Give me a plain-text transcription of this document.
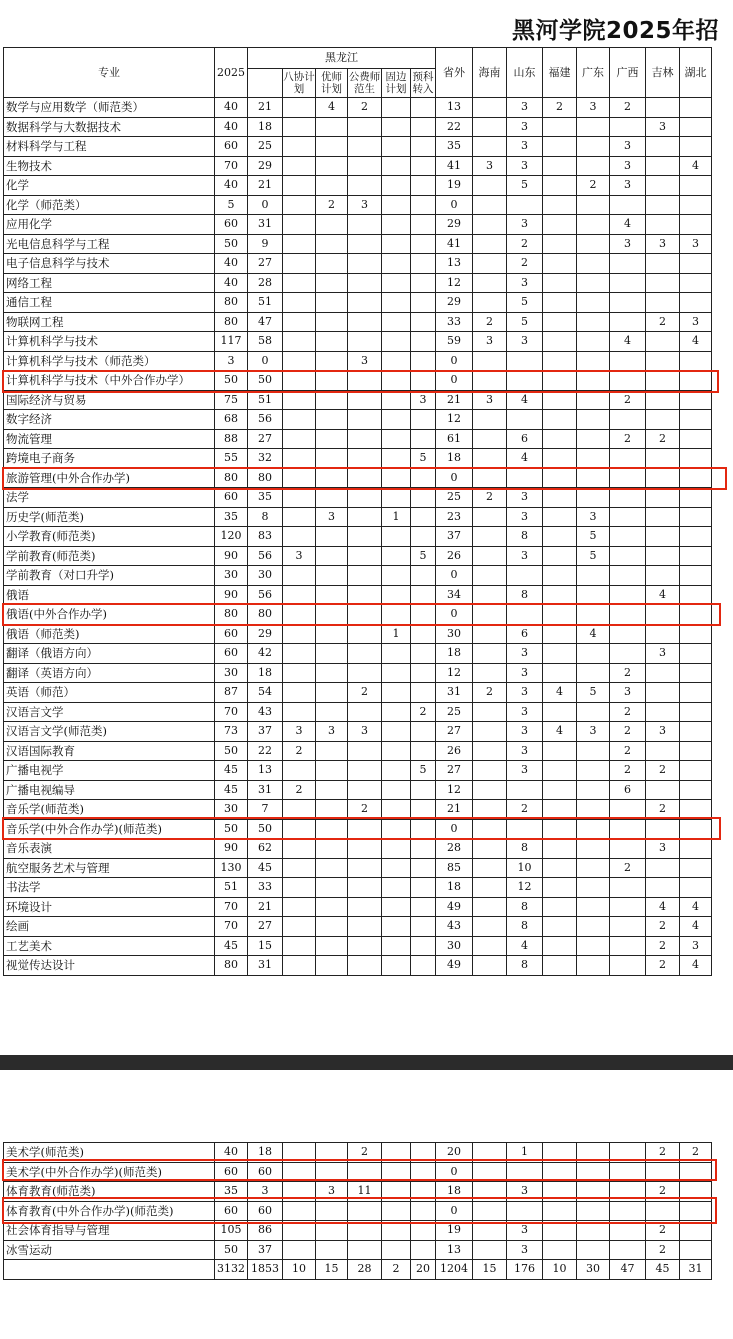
黑河学院2025年招
专业	2025	黑龙江						省外	海南	山东	福建	广东	广西	吉林	湖北
			八协计划	优师计划	公费师范生	固边计划	预科转入								
数学与应用数学（师范类）	40	21		4	2			13		3	2	3	2		
数据科学与大数据技术	40	18						22		3				3	
材料科学与工程	60	25						35		3			3		
生物技术	70	29						41	3	3			3		4
化学	40	21						19		5		2	3		
化学（师范类）	5	0		2	3			0							
应用化学	60	31						29		3			4		
光电信息科学与工程	50	9						41		2			3	3	3
电子信息科学与技术	40	27						13		2					
网络工程	40	28						12		3					
通信工程	80	51						29		5					
物联网工程	80	47						33	2	5				2	3
计算机科学与技术	117	58						59	3	3			4		4
计算机科学与技术（师范类）	3	0			3			0							
计算机科学与技术（中外合作办学）	50	50						0							
国际经济与贸易	75	51					3	21	3	4			2		
数字经济	68	56						12							
物流管理	88	27						61		6			2	2	
跨境电子商务	55	32					5	18		4					
旅游管理(中外合作办学)	80	80						0							
法学	60	35						25	2	3					
历史学(师范类)	35	8		3		1		23		3		3			
小学教育(师范类)	120	83						37		8		5			
学前教育(师范类)	90	56	3				5	26		3		5			
学前教育（对口升学)	30	30						0							
俄语	90	56						34		8				4	
俄语(中外合作办学)	80	80						0							
俄语（师范类)	60	29				1		30		6		4			
翻译（俄语方向）	60	42						18		3				3	
翻译（英语方向）	30	18						12		3			2		
英语（师范）	87	54			2			31	2	3	4	5	3		
汉语言文学	70	43					2	25		3			2		
汉语言文学(师范类)	73	37	3	3	3			27		3	4	3	2	3	
汉语国际教育	50	22	2					26		3			2		
广播电视学	45	13					5	27		3			2	2	
广播电视编导	45	31	2					12					6		
音乐学(师范类)	30	7			2			21		2				2	
音乐学(中外合作办学)(师范类)	50	50						0							
音乐表演	90	62						28		8				3	
航空服务艺术与管理	130	45						85		10			2		
书法学	51	33						18		12					
环境设计	70	21						49		8				4	4
绘画	70	27						43		8				2	4
工艺美术	45	15						30		4				2	3
视觉传达设计	80	31						49		8				2	4
美术学(师范类)	40	18			2			20		1				2	2
美术学(中外合作办学)(师范类)	60	60						0							
体育教育(师范类)	35	3		3	11			18		3				2	
体育教育(中外合作办学)(师范类)	60	60						0							
社会体育指导与管理	105	86						19		3				2	
冰雪运动	50	37						13		3				2	
	3132	1853	10	15	28	2	20	1204	15	176	10	30	47	45	31
